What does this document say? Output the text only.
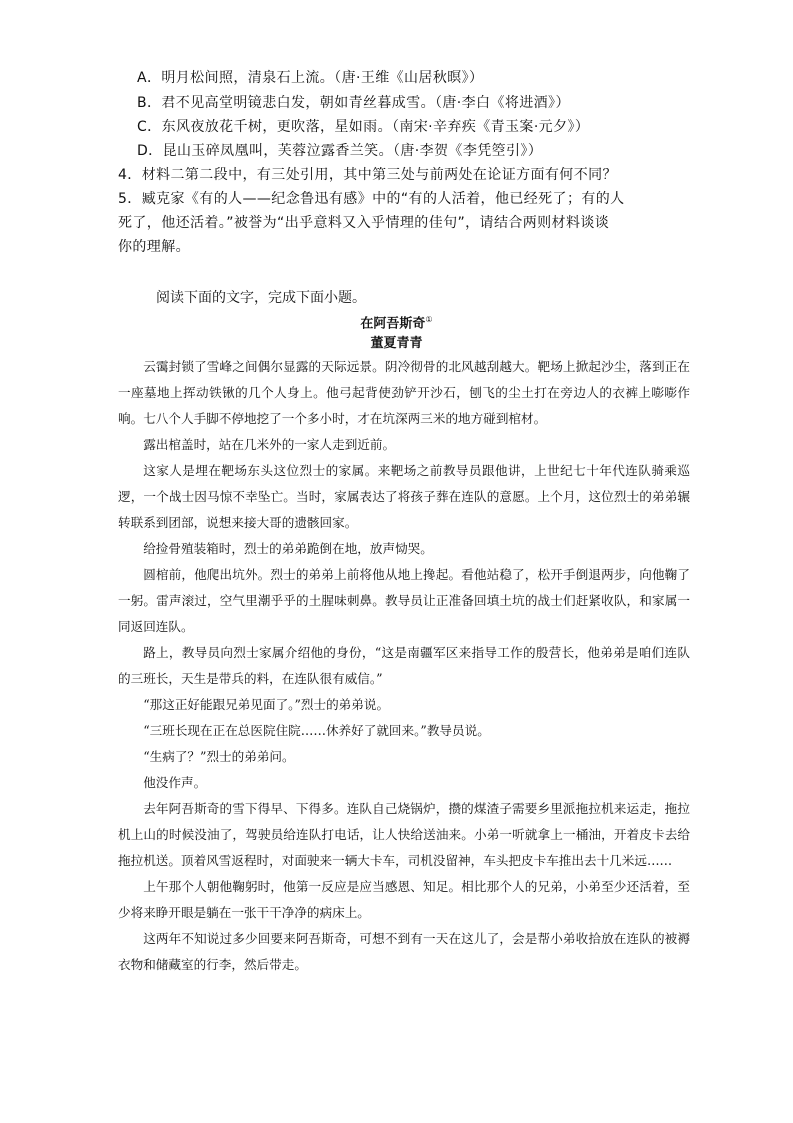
A．明月松间照，清泉石上流。（唐·王维《山居秋暝》）
B．君不见高堂明镜悲白发，朝如青丝暮成雪。（唐·李白《将进酒》）
C．东风夜放花千树，更吹落，星如雨。（南宋·辛弃疾《青玉案·元夕》）
D．昆山玉碎凤凰叫，芙蓉泣露香兰笑。（唐·李贺《李凭箜引》）
4．材料二第二段中，有三处引用，其中第三处与前两处在论证方面有何不同？
5．臧克家《有的人——纪念鲁迅有感》中的“有的人活着，他已经死了；有的人
死了，他还活着。”被誉为“出乎意料又入乎情理的佳句”，请结合两则材料谈谈
你的理解。
阅读下面的文字，完成下面小题。
在阿吾斯奇①
董夏青青

云霭封锁了雪峰之间偶尔显露的天际远景。阴冷彻骨的北风越刮越大。靶场上掀起沙尘，落到正在一座墓地上挥动铁锹的几个人身上。他弓起背使劲铲开沙石，刨飞的尘土打在旁边人的衣裤上嘭嘭作响。七八个人手脚不停地挖了一个多小时，才在坑深两三米的地方碰到棺材。

露出棺盖时，站在几米外的一家人走到近前。

这家人是埋在靶场东头这位烈士的家属。来靶场之前教导员跟他讲，上世纪七十年代连队骑乘巡逻，一个战士因马惊不幸坠亡。当时，家属表达了将孩子葬在连队的意愿。上个月，这位烈士的弟弟辗转联系到团部，说想来接大哥的遗骸回家。

给捡骨殖装箱时，烈士的弟弟跪倒在地，放声恸哭。

圆棺前，他爬出坑外。烈士的弟弟上前将他从地上搀起。看他站稳了，松开手倒退两步，向他鞠了一躬。雷声滚过，空气里潮乎乎的土腥味刺鼻。教导员让正准备回填土坑的战士们赶紧收队，和家属一同返回连队。

路上，教导员向烈士家属介绍他的身份，“这是南疆军区来指导工作的殷营长，他弟弟是咱们连队的三班长，天生是带兵的料，在连队很有威信。”

“那这正好能跟兄弟见面了。”烈士的弟弟说。

“三班长现在正在总医院住院……休养好了就回来。”教导员说。

“生病了？”烈士的弟弟问。

他没作声。

去年阿吾斯奇的雪下得早、下得多。连队自己烧锅炉，攒的煤渣子需要乡里派拖拉机来运走，拖拉机上山的时候没油了，驾驶员给连队打电话，让人快给送油来。小弟一听就拿上一桶油，开着皮卡去给拖拉机送。顶着风雪返程时，对面驶来一辆大卡车，司机没留神，车头把皮卡车推出去十几米远……

上午那个人朝他鞠躬时，他第一反应是应当感恩、知足。相比那个人的兄弟，小弟至少还活着，至少将来睁开眼是躺在一张干干净净的病床上。

这两年不知说过多少回要来阿吾斯奇，可想不到有一天在这儿了，会是帮小弟收拾放在连队的被褥衣物和储藏室的行李，然后带走。
